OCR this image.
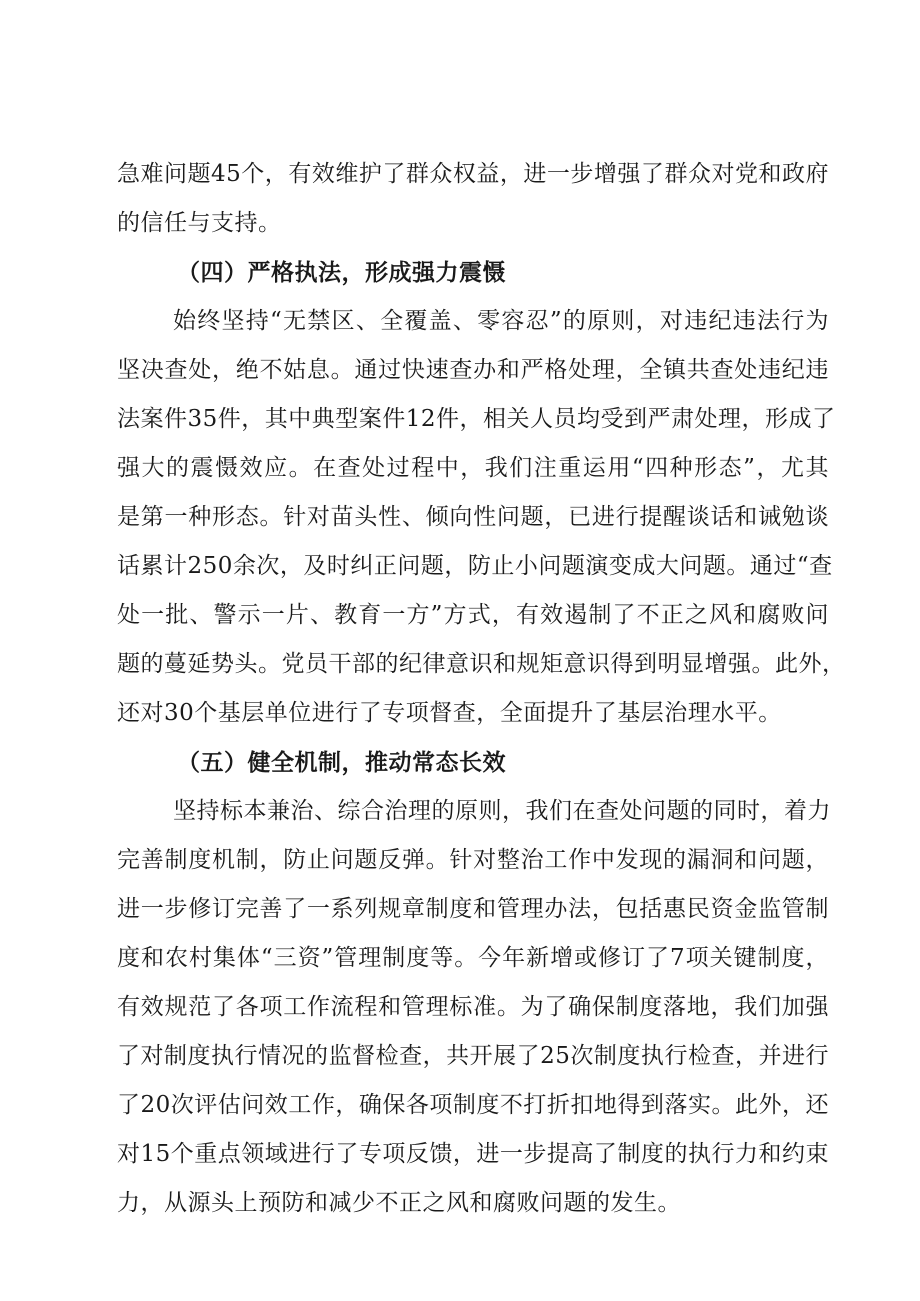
急难问题45个，有效维护了群众权益，进一步增强了群众对党和政府
的信任与支持。
（四）严格执法，形成强力震慑
始终坚持“无禁区、全覆盖、零容忍”的原则，对违纪违法行为
坚决查处，绝不姑息。通过快速查办和严格处理，全镇共查处违纪违
法案件35件，其中典型案件12件，相关人员均受到严肃处理，形成了
强大的震慑效应。在查处过程中，我们注重运用“四种形态”，尤其
是第一种形态。针对苗头性、倾向性问题，已进行提醒谈话和诫勉谈
话累计250余次，及时纠正问题，防止小问题演变成大问题。通过“查
处一批、警示一片、教育一方”方式，有效遏制了不正之风和腐败问
题的蔓延势头。党员干部的纪律意识和规矩意识得到明显增强。此外，
还对30个基层单位进行了专项督查，全面提升了基层治理水平。
（五）健全机制，推动常态长效
坚持标本兼治、综合治理的原则，我们在查处问题的同时，着力
完善制度机制，防止问题反弹。针对整治工作中发现的漏洞和问题，
进一步修订完善了一系列规章制度和管理办法，包括惠民资金监管制
度和农村集体“三资”管理制度等。今年新增或修订了7项关键制度，
有效规范了各项工作流程和管理标准。为了确保制度落地，我们加强
了对制度执行情况的监督检查，共开展了25次制度执行检查，并进行
了20次评估问效工作，确保各项制度不打折扣地得到落实。此外，还
对15个重点领域进行了专项反馈，进一步提高了制度的执行力和约束
力，从源头上预防和减少不正之风和腐败问题的发生。
